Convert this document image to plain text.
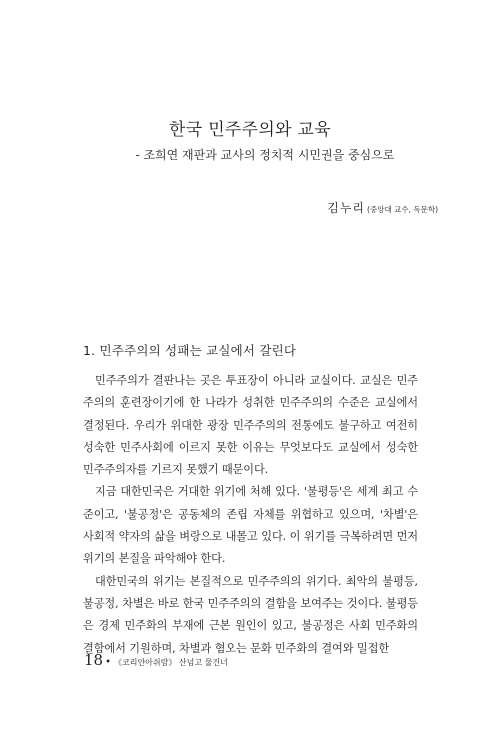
한국 민주주의와 교육
- 조희연 재판과 교사의 정치적 시민권을 중심으로
김누리 (중앙대 교수, 독문학)
1. 민주주의의 성패는 교실에서 갈린다

민주주의가 결판나는 곳은 투표장이 아니라 교실이다. 교실은 민주주의의 훈련장이기에 한 나라가 성취한 민주주의의 수준은 교실에서 결정된다. 우리가 위대한 광장 민주주의의 전통에도 불구하고 여전히 성숙한 민주사회에 이르지 못한 이유는 무엇보다도 교실에서 성숙한 민주주의자를 기르지 못했기 때문이다.

지금 대한민국은 거대한 위기에 처해 있다. '불평등'은 세계 최고 수준이고, '불공정'은 공동체의 존립 자체를 위협하고 있으며, '차별'은 사회적 약자의 삶을 벼랑으로 내몰고 있다. 이 위기를 극복하려면 먼저 위기의 본질을 파악해야 한다.

대한민국의 위기는 본질적으로 민주주의의 위기다. 최악의 불평등, 불공정, 차별은 바로 한국 민주주의의 결함을 보여주는 것이다. 불평등은 경제 민주화의 부재에 근본 원인이 있고, 불공정은 사회 민주화의 결함에서 기원하며, 차별과 혐오는 문화 민주화의 결여와 밀접한

18 • 《코리안아쉬람》 산넘고 물건너
